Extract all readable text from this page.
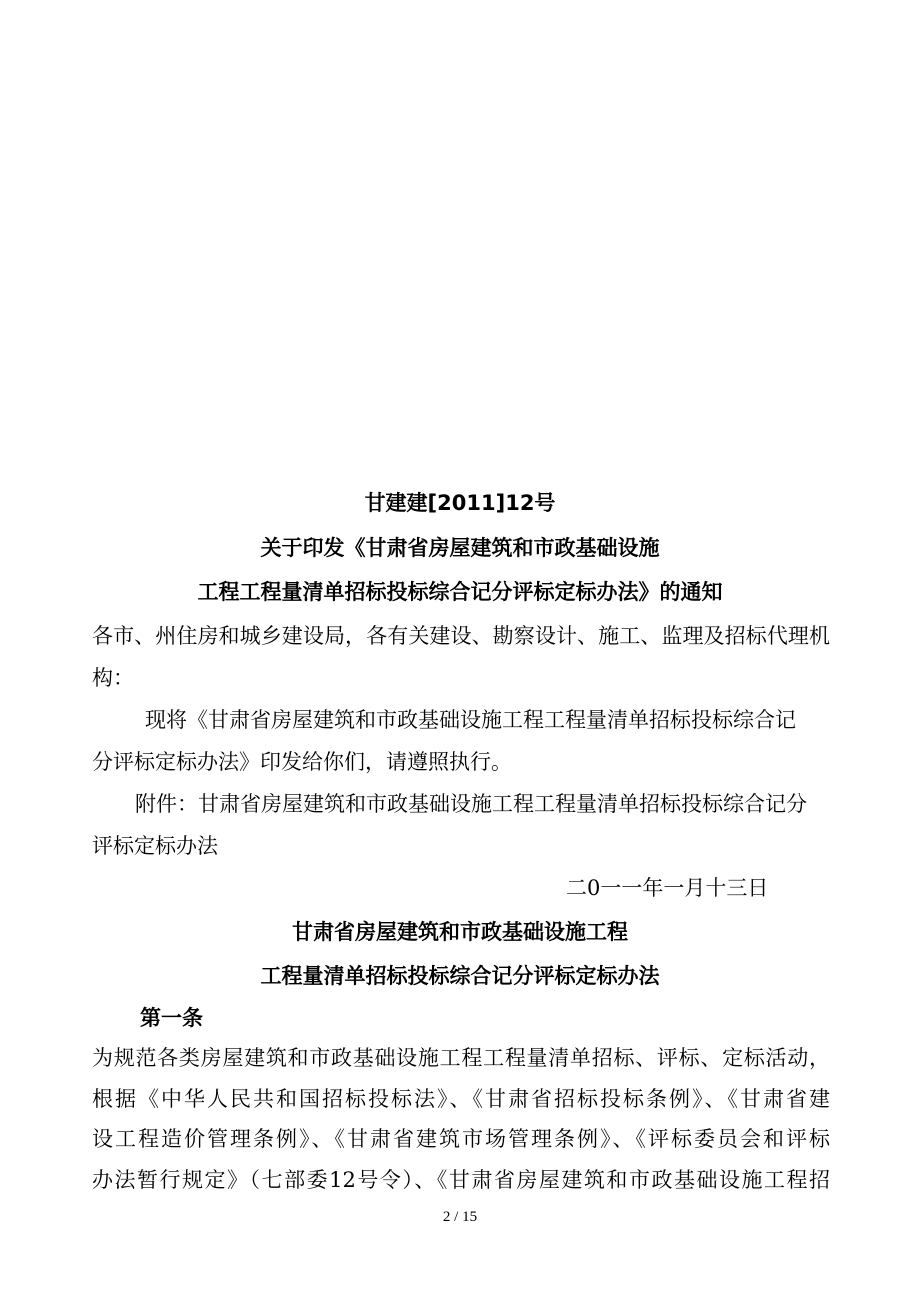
甘建建[2011]12号
关于印发《甘肃省房屋建筑和市政基础设施
工程工程量清单招标投标综合记分评标定标办法》的通知
各市、州住房和城乡建设局，各有关建设、勘察设计、施工、监理及招标代理机
构：
现将《甘肃省房屋建筑和市政基础设施工程工程量清单招标投标综合记
分评标定标办法》印发给你们，请遵照执行。
附件：甘肃省房屋建筑和市政基础设施工程工程量清单招标投标综合记分
评标定标办法
二0一一年一月十三日
甘肃省房屋建筑和市政基础设施工程
工程量清单招标投标综合记分评标定标办法
第一条
为规范各类房屋建筑和市政基础设施工程工程量清单招标、评标、定标活动，
根据《中华人民共和国招标投标法》、《甘肃省招标投标条例》、《甘肃省建
设工程造价管理条例》、《甘肃省建筑市场管理条例》、《评标委员会和评标
办法暂行规定》（七部委12号令）、《甘肃省房屋建筑和市政基础设施工程招
2 / 15
